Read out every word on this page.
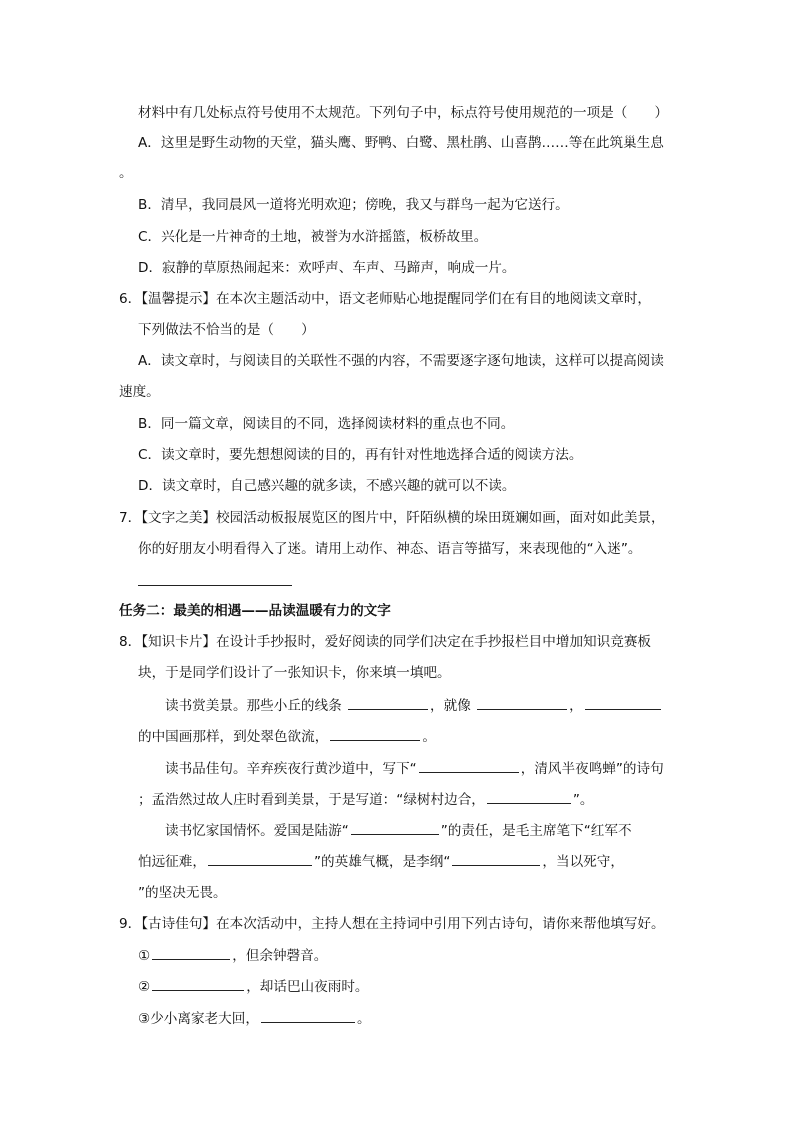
材料中有几处标点符号使用不太规范。下列句子中，标点符号使用规范的一项是（　　）
A．这里是野生动物的天堂，猫头鹰、野鸭、白鹭、黑杜鹃、山喜鹊……等在此筑巢生息
。
B．清早，我同晨风一道将光明欢迎；傍晚，我又与群鸟一起为它送行。
C．兴化是一片神奇的土地，被誉为水浒摇篮，板桥故里。
D．寂静的草原热闹起来：欢呼声、车声、马蹄声，响成一片。
6．【温馨提示】在本次主题活动中，语文老师贴心地提醒同学们在有目的地阅读文章时，
下列做法不恰当的是（　　）
A．读文章时，与阅读目的关联性不强的内容，不需要逐字逐句地读，这样可以提高阅读
速度。
B．同一篇文章，阅读目的不同，选择阅读材料的重点也不同。
C．读文章时，要先想想阅读的目的，再有针对性地选择合适的阅读方法。
D．读文章时，自己感兴趣的就多读，不感兴趣的就可以不读。
7．【文字之美】校园活动板报展览区的图片中，阡陌纵横的垛田斑斓如画，面对如此美景，
你的好朋友小明看得入了迷。请用上动作、神态、语言等描写，来表现他的“入迷”。
任务二：最美的相遇——品读温暖有力的文字
8．【知识卡片】在设计手抄报时，爱好阅读的同学们决定在手抄报栏目中增加知识竞赛板
块，于是同学们设计了一张知识卡，你来填一填吧。
读书赏美景。那些小丘的线条	，就像	，
的中国画那样，到处翠色欲流，	。
读书品佳句。辛弃疾夜行黄沙道中，写下“	，清风半夜鸣蝉”的诗句
；孟浩然过故人庄时看到美景，于是写道：“绿树村边合，	”。
读书忆家国情怀。爱国是陆游“	”的责任，是毛主席笔下“红军不
怕远征难，	”的英雄气概，是李纲“	，当以死守，
”的坚决无畏。
9．【古诗佳句】在本次活动中，主持人想在主持词中引用下列古诗句，请你来帮他填写好。
①	，但余钟磬音。
②	，却话巴山夜雨时。
③少小离家老大回，	。
